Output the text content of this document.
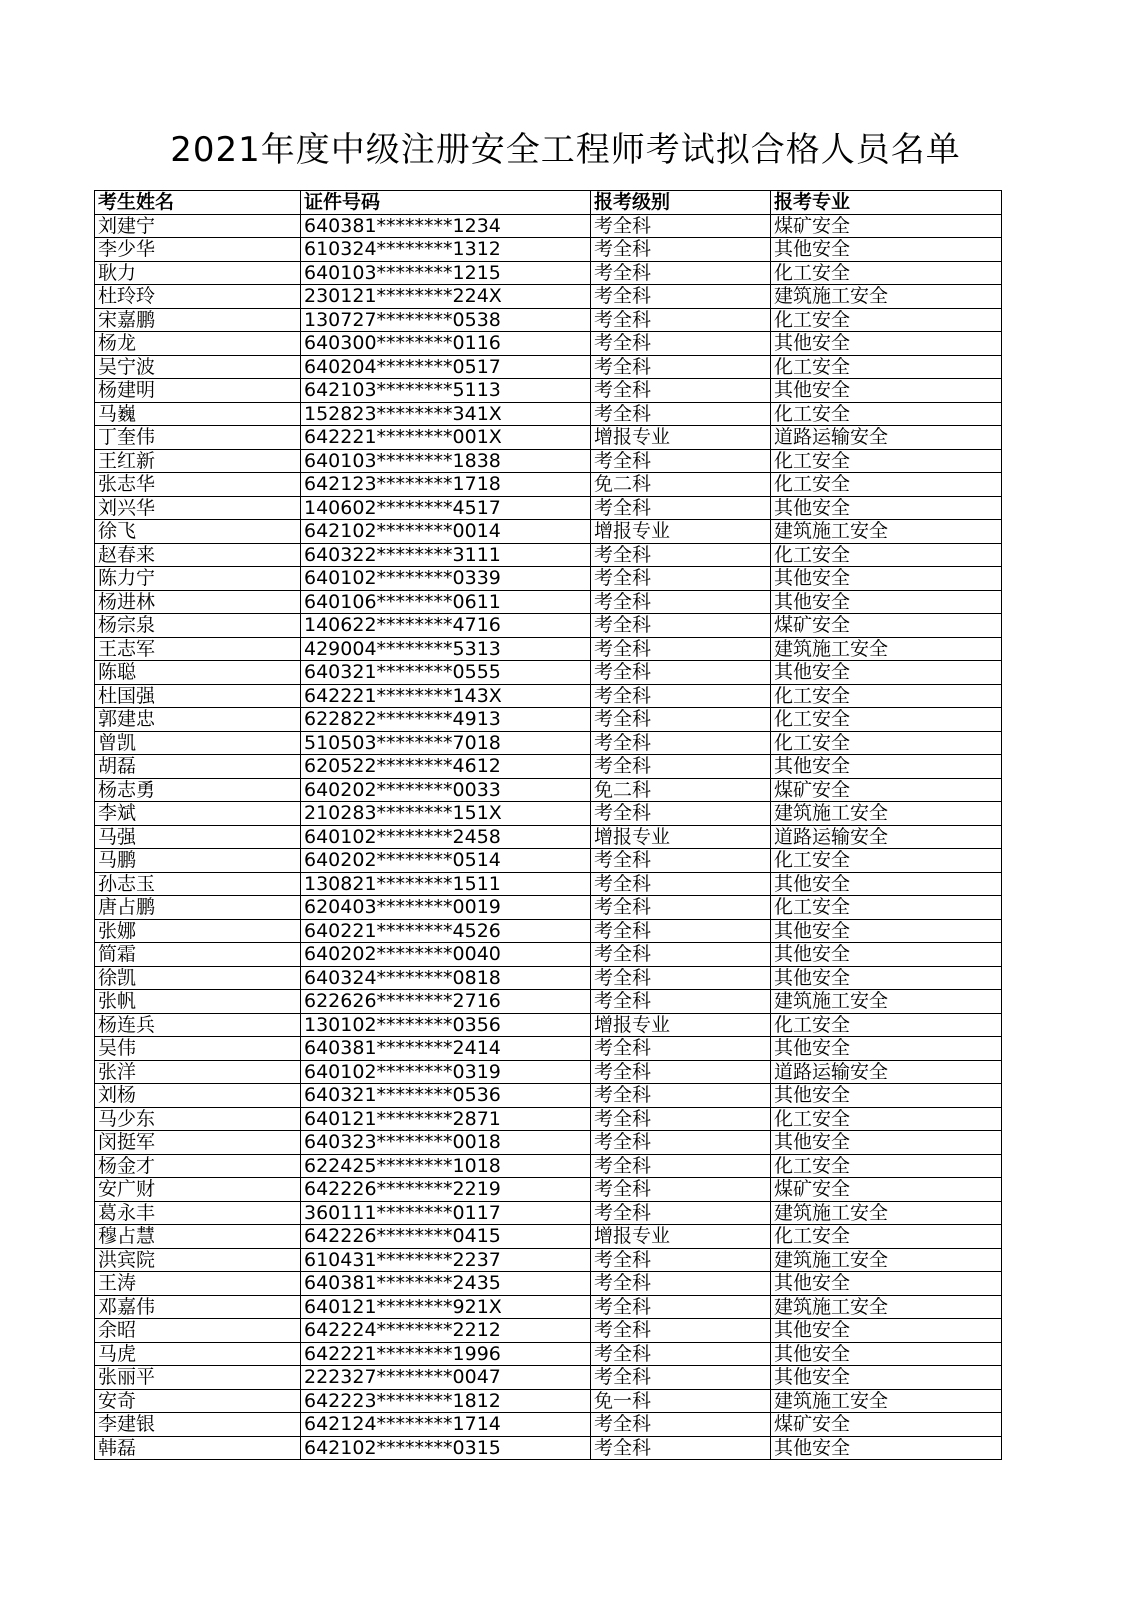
2021年度中级注册安全工程师考试拟合格人员名单
考生姓名	证件号码	报考级别	报考专业
刘建宁	640381********1234	考全科	煤矿安全
李少华	610324********1312	考全科	其他安全
耿力	640103********1215	考全科	化工安全
杜玲玲	230121********224X	考全科	建筑施工安全
宋嘉鹏	130727********0538	考全科	化工安全
杨龙	640300********0116	考全科	其他安全
吴宁波	640204********0517	考全科	化工安全
杨建明	642103********5113	考全科	其他安全
马巍	152823********341X	考全科	化工安全
丁奎伟	642221********001X	增报专业	道路运输安全
王红新	640103********1838	考全科	化工安全
张志华	642123********1718	免二科	化工安全
刘兴华	140602********4517	考全科	其他安全
徐飞	642102********0014	增报专业	建筑施工安全
赵春来	640322********3111	考全科	化工安全
陈力宁	640102********0339	考全科	其他安全
杨进林	640106********0611	考全科	其他安全
杨宗泉	140622********4716	考全科	煤矿安全
王志军	429004********5313	考全科	建筑施工安全
陈聪	640321********0555	考全科	其他安全
杜国强	642221********143X	考全科	化工安全
郭建忠	622822********4913	考全科	化工安全
曾凯	510503********7018	考全科	化工安全
胡磊	620522********4612	考全科	其他安全
杨志勇	640202********0033	免二科	煤矿安全
李斌	210283********151X	考全科	建筑施工安全
马强	640102********2458	增报专业	道路运输安全
马鹏	640202********0514	考全科	化工安全
孙志玉	130821********1511	考全科	其他安全
唐占鹏	620403********0019	考全科	化工安全
张娜	640221********4526	考全科	其他安全
简霜	640202********0040	考全科	其他安全
徐凯	640324********0818	考全科	其他安全
张帆	622626********2716	考全科	建筑施工安全
杨连兵	130102********0356	增报专业	化工安全
吴伟	640381********2414	考全科	其他安全
张洋	640102********0319	考全科	道路运输安全
刘杨	640321********0536	考全科	其他安全
马少东	640121********2871	考全科	化工安全
闵挺军	640323********0018	考全科	其他安全
杨金才	622425********1018	考全科	化工安全
安广财	642226********2219	考全科	煤矿安全
葛永丰	360111********0117	考全科	建筑施工安全
穆占慧	642226********0415	增报专业	化工安全
洪宾院	610431********2237	考全科	建筑施工安全
王涛	640381********2435	考全科	其他安全
邓嘉伟	640121********921X	考全科	建筑施工安全
余昭	642224********2212	考全科	其他安全
马虎	642221********1996	考全科	其他安全
张丽平	222327********0047	考全科	其他安全
安奇	642223********1812	免一科	建筑施工安全
李建银	642124********1714	考全科	煤矿安全
韩磊	642102********0315	考全科	其他安全
